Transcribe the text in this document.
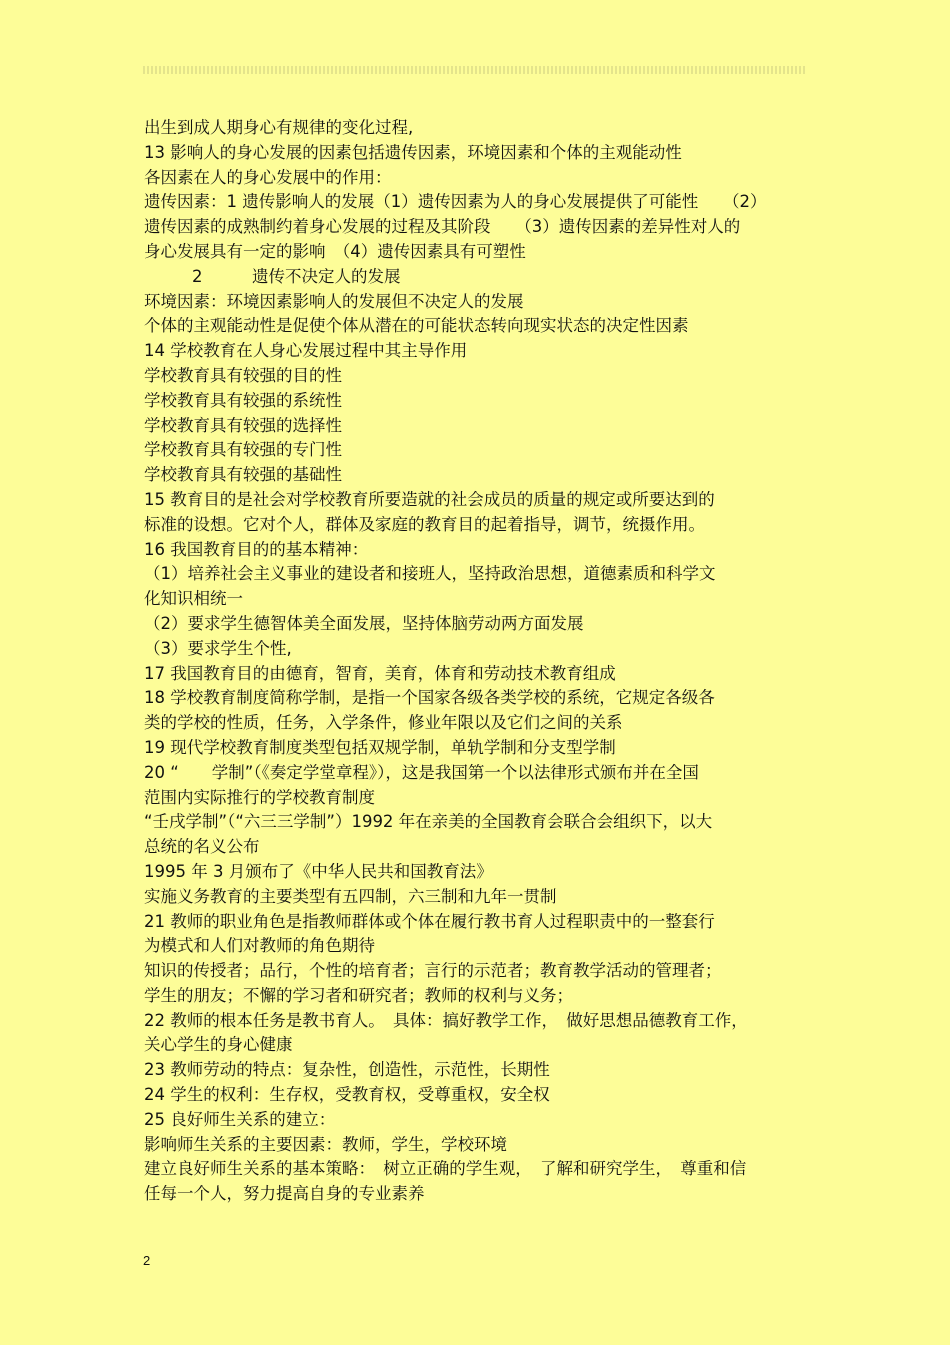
出生到成人期身心有规律的变化过程,
13 影响人的身心发展的因素包括遗传因素，环境因素和个体的主观能动性
各因素在人的身心发展中的作用：
遗传因素：1 遗传影响人的发展（1）遗传因素为人的身心发展提供了可能性　　（2）
遗传因素的成熟制约着身心发展的过程及其阶段　　（3）遗传因素的差异性对人的
身心发展具有一定的影响　（4）遗传因素具有可塑性
2　　　遗传不决定人的发展
环境因素：环境因素影响人的发展但不决定人的发展
个体的主观能动性是促使个体从潜在的可能状态转向现实状态的决定性因素
14 学校教育在人身心发展过程中其主导作用
学校教育具有较强的目的性
学校教育具有较强的系统性
学校教育具有较强的选择性
学校教育具有较强的专门性
学校教育具有较强的基础性
15 教育目的是社会对学校教育所要造就的社会成员的质量的规定或所要达到的
标准的设想。它对个人，群体及家庭的教育目的起着指导，调节，统摄作用。
16 我国教育目的的基本精神：
（1）培养社会主义事业的建设者和接班人，坚持政治思想，道德素质和科学文
化知识相统一
（2）要求学生德智体美全面发展，坚持体脑劳动两方面发展
（3）要求学生个性,
17 我国教育目的由德育，智育，美育，体育和劳动技术教育组成
18 学校教育制度简称学制，是指一个国家各级各类学校的系统，它规定各级各
类的学校的性质，任务，入学条件，修业年限以及它们之间的关系
19 现代学校教育制度类型包括双规学制，单轨学制和分支型学制
20 “　　学制”（《奏定学堂章程》），这是我国第一个以法律形式颁布并在全国
范围内实际推行的学校教育制度
“壬戌学制”（“六三三学制”）1992 年在亲美的全国教育会联合会组织下，以大
总统的名义公布
1995 年 3 月颁布了《中华人民共和国教育法》
实施义务教育的主要类型有五四制，六三制和九年一贯制
21 教师的职业角色是指教师群体或个体在履行教书育人过程职责中的一整套行
为模式和人们对教师的角色期待
知识的传授者；品行，个性的培育者；言行的示范者；教育教学活动的管理者；
学生的朋友；不懈的学习者和研究者；教师的权利与义务；
22 教师的根本任务是教书育人。　具体：搞好教学工作，　做好思想品德教育工作，
关心学生的身心健康
23 教师劳动的特点：复杂性，创造性，示范性，长期性
24 学生的权利：生存权，受教育权，受尊重权，安全权
25 良好师生关系的建立：
影响师生关系的主要因素：教师，学生，学校环境
建立良好师生关系的基本策略：　树立正确的学生观，　了解和研究学生，　尊重和信
任每一个人，努力提高自身的专业素养
2
